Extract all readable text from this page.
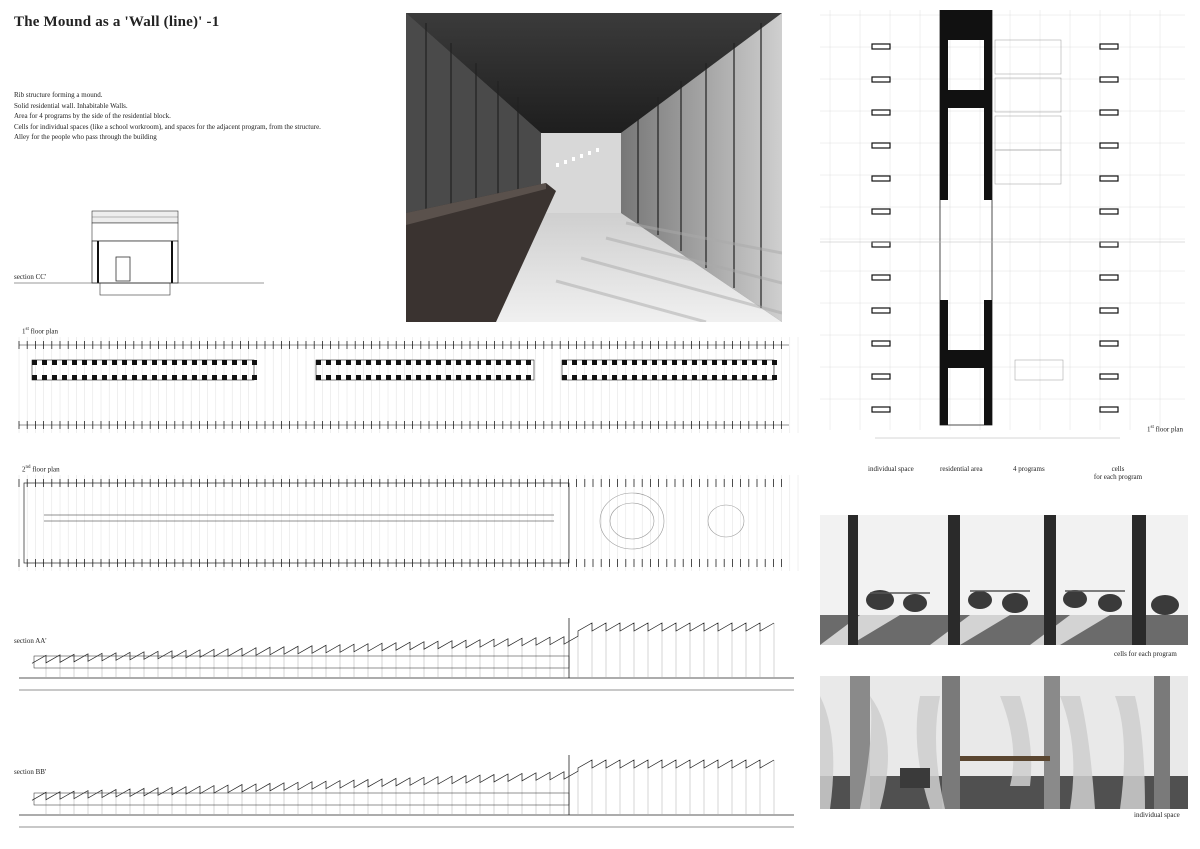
The Mound as a 'Wall (line)' -1
Rib structure forming a mound.
Solid residential wall. Inhabitable Walls.
Area for 4 programs by the side of the residential block.
Cells for individual spaces (like a school workroom), and spaces for the adjacent program, from the structure.
Alley for the people who pass through the building
section CC'
1st floor plan
2nd floor plan
section AA'
section BB'
1st floor plan
individual space	residential area	4 programs	cells
for each program
cells for each program
individual space
